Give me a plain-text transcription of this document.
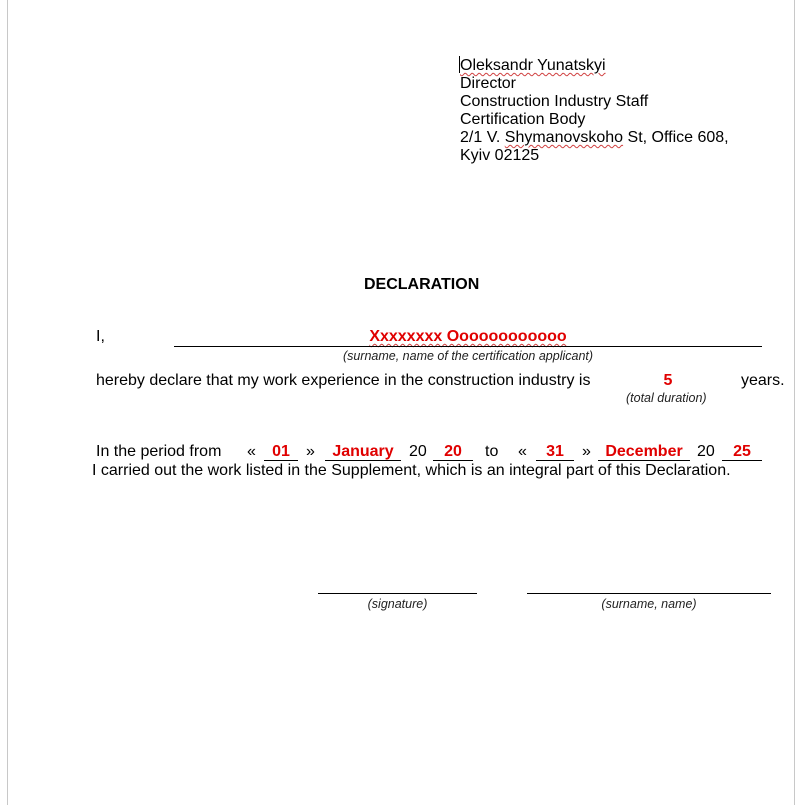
Oleksandr Yunatskyi
Director
Construction Industry Staff
Certification Body
2/1 V. Shymanovskoho St, Office 608,
Kyiv 02125
DECLARATION
I,	Xxxxxxxx Oooooooooooo
(surname, name of the certification applicant)
hereby declare that my work experience in the construction industry is	5	years.
(total duration)
In the period from «	01	»	January 20	20	to «	31	» December 20	25
I carried out the work listed in the Supplement, which is an integral part of this Declaration.
(signature)	(surname, name)
